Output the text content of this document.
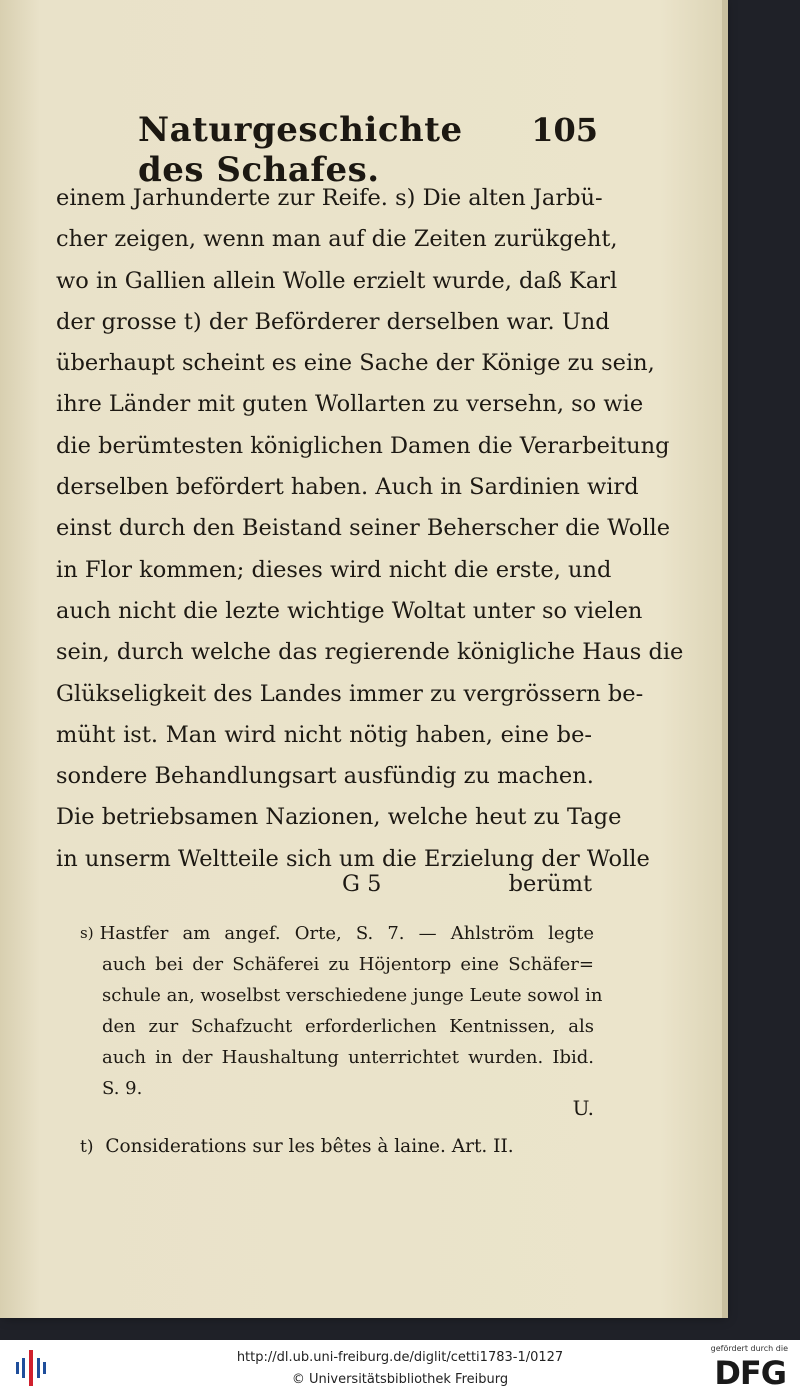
Naturgeschichte des Schafes.
105
einem Jarhunderte zur Reife. s) Die alten Jarbü-
cher zeigen, wenn man auf die Zeiten zurükgeht,
wo in Gallien allein Wolle erzielt wurde, daß Karl
der grosse t) der Beförderer derselben war. Und
überhaupt scheint es eine Sache der Könige zu sein,
ihre Länder mit guten Wollarten zu versehn, so wie
die berümtesten königlichen Damen die Verarbeitung
derselben befördert haben. Auch in Sardinien wird
einst durch den Beistand seiner Beherscher die Wolle
in Flor kommen; dieses wird nicht die erste, und
auch nicht die lezte wichtige Woltat unter so vielen
sein, durch welche das regierende königliche Haus die
Glükseligkeit des Landes immer zu vergrössern be-
müht ist. Man wird nicht nötig haben, eine be-
sondere Behandlungsart ausfündig zu machen.
Die betriebsamen Nazionen, welche heut zu Tage
in unserm Weltteile sich um die Erzielung der Wolle
G 5	berümt
s) Hastfer am angef. Orte, S. 7. — Ahlström legte
auch bei der Schäferei zu Höjentorp eine Schäfer=
schule an, woselbst verschiedene junge Leute sowol in
den zur Schafzucht erforderlichen Kentnissen, als
auch in der Haushaltung unterrichtet wurden. Ibid.
S. 9.
U.
t) Considerations sur les bêtes à laine. Art. II.
http://dl.ub.uni-freiburg.de/diglit/cetti1783-1/0127
© Universitätsbibliothek Freiburg
gefördert durch die
DFG
